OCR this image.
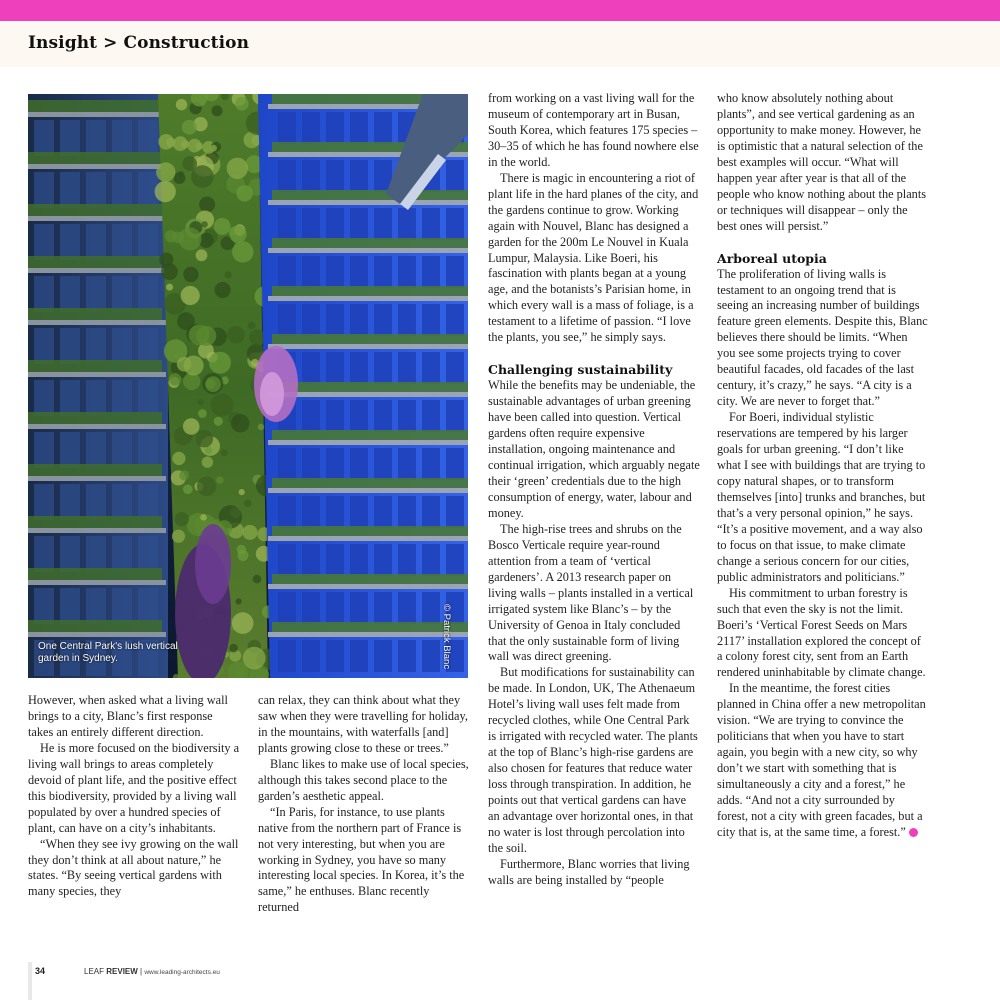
Insight > Construction
One Central Park's lush vertical garden in Sydney.	© Patrick Blanc

from working on a vast living wall for the museum of contemporary art in Busan, South Korea, which features 175 species – 30–35 of which he has found nowhere else in the world.

There is magic in encountering a riot of plant life in the hard planes of the city, and the gardens continue to grow. Working again with Nouvel, Blanc has designed a garden for the 200m Le Nouvel in Kuala Lumpur, Malaysia. Like Boeri, his fascination with plants began at a young age, and the botanists’s Parisian home, in which every wall is a mass of foliage, is a testament to a lifetime of passion. “I love the plants, you see,” he simply says.

Challenging sustainability

While the benefits may be undeniable, the sustainable advantages of urban greening have been called into question. Vertical gardens often require expensive installation, ongoing maintenance and continual irrigation, which arguably negate their ‘green’ credentials due to the high consumption of energy, water, labour and money.

The high-rise trees and shrubs on the Bosco Verticale require year-round attention from a team of ‘vertical gardeners’. A 2013 research paper on living walls – plants installed in a vertical irrigated system like Blanc’s – by the University of Genoa in Italy concluded that the only sustainable form of living wall was direct greening.

But modifications for sustainability can be made. In London, UK, The Athenaeum Hotel’s living wall uses felt made from recycled clothes, while One Central Park is irrigated with recycled water. The plants at the top of Blanc’s high-rise gardens are also chosen for features that reduce water loss through transpiration. In addition, he points out that vertical gardens can have an advantage over horizontal ones, in that no water is lost through percolation into the soil.

Furthermore, Blanc worries that living walls are being installed by “people

who know absolutely nothing about plants”, and see vertical gardening as an opportunity to make money. However, he is optimistic that a natural selection of the best examples will occur. “What will happen year after year is that all of the people who know nothing about the plants or techniques will disappear – only the best ones will persist.”

Arboreal utopia

The proliferation of living walls is testament to an ongoing trend that is seeing an increasing number of buildings feature green elements. Despite this, Blanc believes there should be limits. “When you see some projects trying to cover beautiful facades, old facades of the last century, it’s crazy,” he says. “A city is a city. We are never to forget that.”

For Boeri, individual stylistic reservations are tempered by his larger goals for urban greening. “I don’t like what I see with buildings that are trying to copy natural shapes, or to transform themselves [into] trunks and branches, but that’s a very personal opinion,” he says. “It’s a positive movement, and a way also to focus on that issue, to make climate change a serious concern for our cities, public administrators and politicians.”

His commitment to urban forestry is such that even the sky is not the limit. Boeri’s ‘Vertical Forest Seeds on Mars 2117’ installation explored the concept of a colony forest city, sent from an Earth rendered uninhabitable by climate change.

In the meantime, the forest cities planned in China offer a new metropolitan vision. “We are trying to convince the politicians that when you have to start again, you begin with a new city, so why don’t we start with something that is simultaneously a city and a forest,” he adds. “And not a city surrounded by forest, not a city with green facades, but a city that is, at the same time, a forest.”

However, when asked what a living wall brings to a city, Blanc’s first response takes an entirely different direction.

He is more focused on the biodiversity a living wall brings to areas completely devoid of plant life, and the positive effect this biodiversity, provided by a living wall populated by over a hundred species of plant, can have on a city’s inhabitants.

“When they see ivy growing on the wall they don’t think at all about nature,” he states. “By seeing vertical gardens with many species, they

can relax, they can think about what they saw when they were travelling for holiday, in the mountains, with waterfalls [and] plants growing close to these or trees.”

Blanc likes to make use of local species, although this takes second place to the garden’s aesthetic appeal.

“In Paris, for instance, to use plants native from the northern part of France is not very interesting, but when you are working in Sydney, you have so many interesting local species. In Korea, it’s the same,” he enthuses. Blanc recently returned

34	LEAF REVIEW | www.leading-architects.eu
